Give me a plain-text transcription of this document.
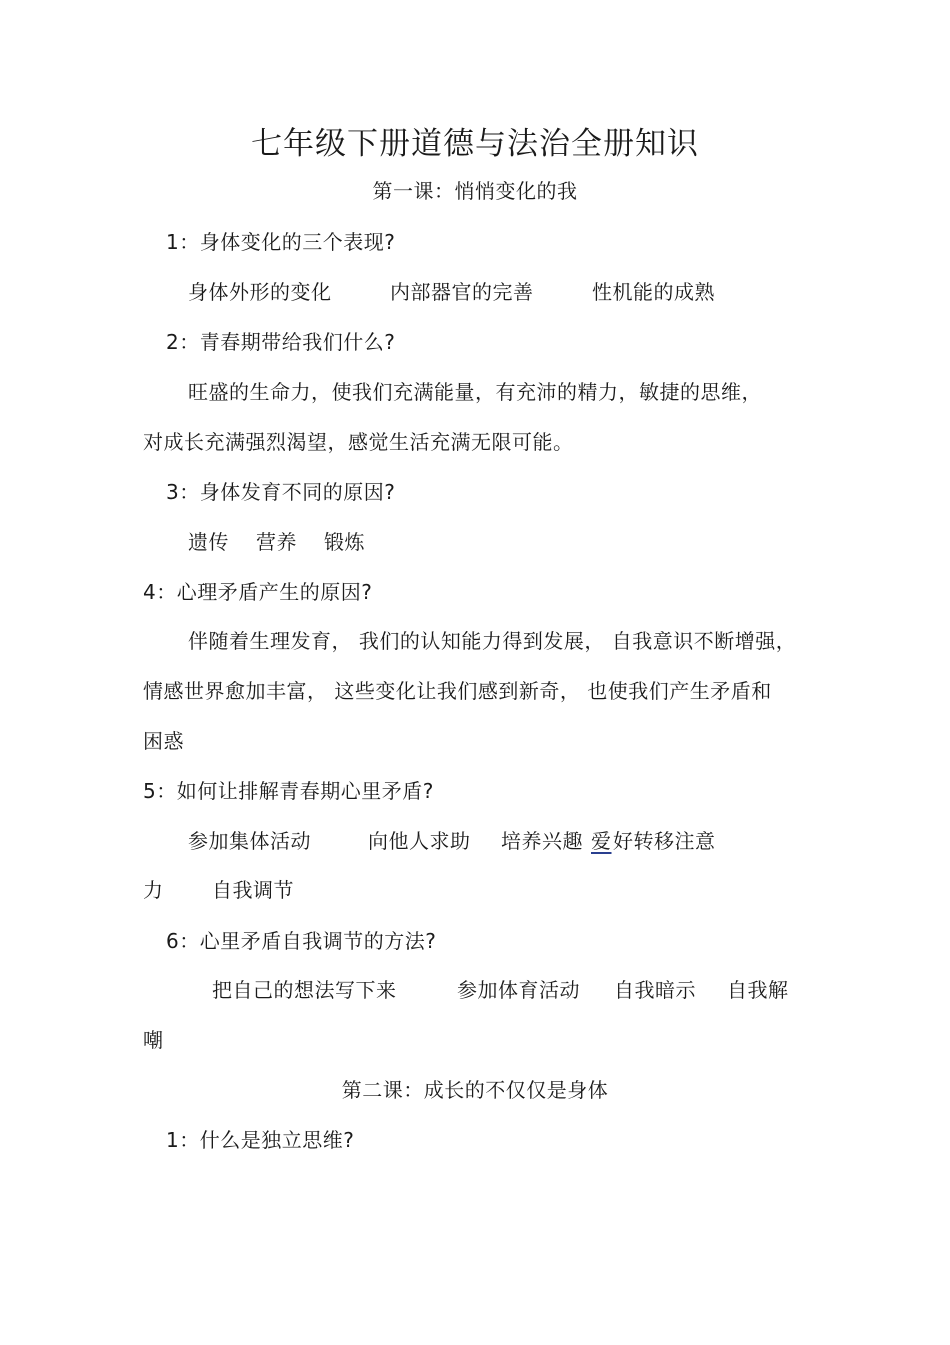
七年级下册道德与法治全册知识
第一课：悄悄变化的我
1：身体变化的三个表现?
身体外形的变化	内部器官的完善	性机能的成熟
2：青春期带给我们什么?
旺盛的生命力，使我们充满能量，有充沛的精力，敏捷的思维，
对成长充满强烈渴望，感觉生活充满无限可能。
3：身体发育不同的原因?
遗传 营养 锻炼
4：心理矛盾产生的原因?
伴随着生理发育， 我们的认知能力得到发展， 自我意识不断增强，
情感世界愈加丰富， 这些变化让我们感到新奇， 也使我们产生矛盾和
困惑
5：如何让排解青春期心里矛盾?
参加集体活动	向他人求助 培养兴趣 爱 好转移注意
力 自我调节
6：心里矛盾自我调节的方法?
把自己的想法写下来	参加体育活动 自我暗示 自我解
嘲
第二课：成长的不仅仅是身体
1：什么是独立思维?
